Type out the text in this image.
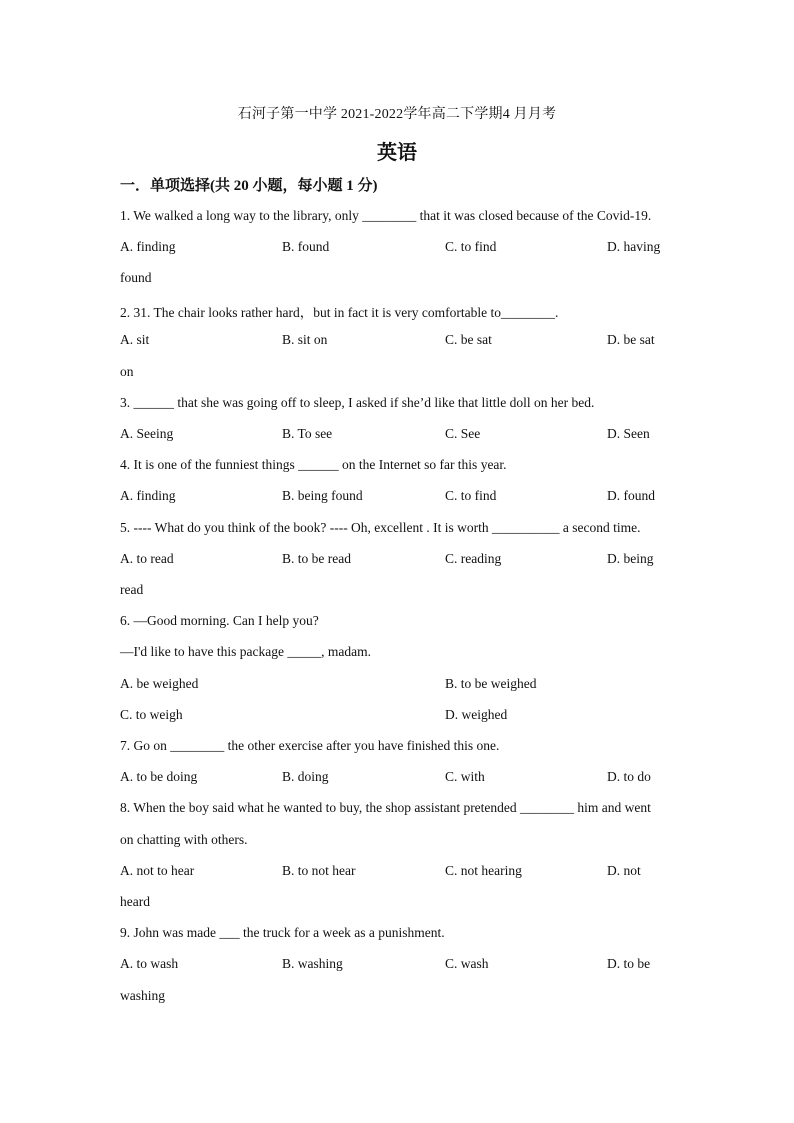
石河子第一中学 2021-2022学年高二下学期4 月月考
英语
一．单项选择(共 20 小题，每小题 1 分)
1. We walked a long way to the library, only ________ that it was closed because of the Covid-19.
A. finding	B. found	C. to find	D. having
found
2. 31. The chair looks rather hard，but in fact it is very comfortable to________.
A. sit	B. sit on	C. be sat	D. be sat
on
3. ______ that she was going off to sleep, I asked if she’d like that little doll on her bed.
A. Seeing	B. To see	C. See	D. Seen
4. It is one of the funniest things ______ on the Internet so far this year.
A. finding	B. being found	C. to find	D. found
5. ---- What do you think of the book? ---- Oh, excellent . It is worth __________ a second time.
A. to read	B. to be read	C. reading	D. being
read
6. —Good morning. Can I help you?
—I'd like to have this package _____, madam.
A. be weighed	B. to be weighed
C. to weigh	D. weighed
7. Go on ________ the other exercise after you have finished this one.
A. to be doing	B. doing	C. with	D. to do
8. When the boy said what he wanted to buy, the shop assistant pretended ________ him and went
on chatting with others.
A. not to hear	B. to not hear	C. not hearing	D. not
heard
9. John was made ___ the truck for a week as a punishment.
A. to wash	B. washing	C. wash	D. to be
washing
